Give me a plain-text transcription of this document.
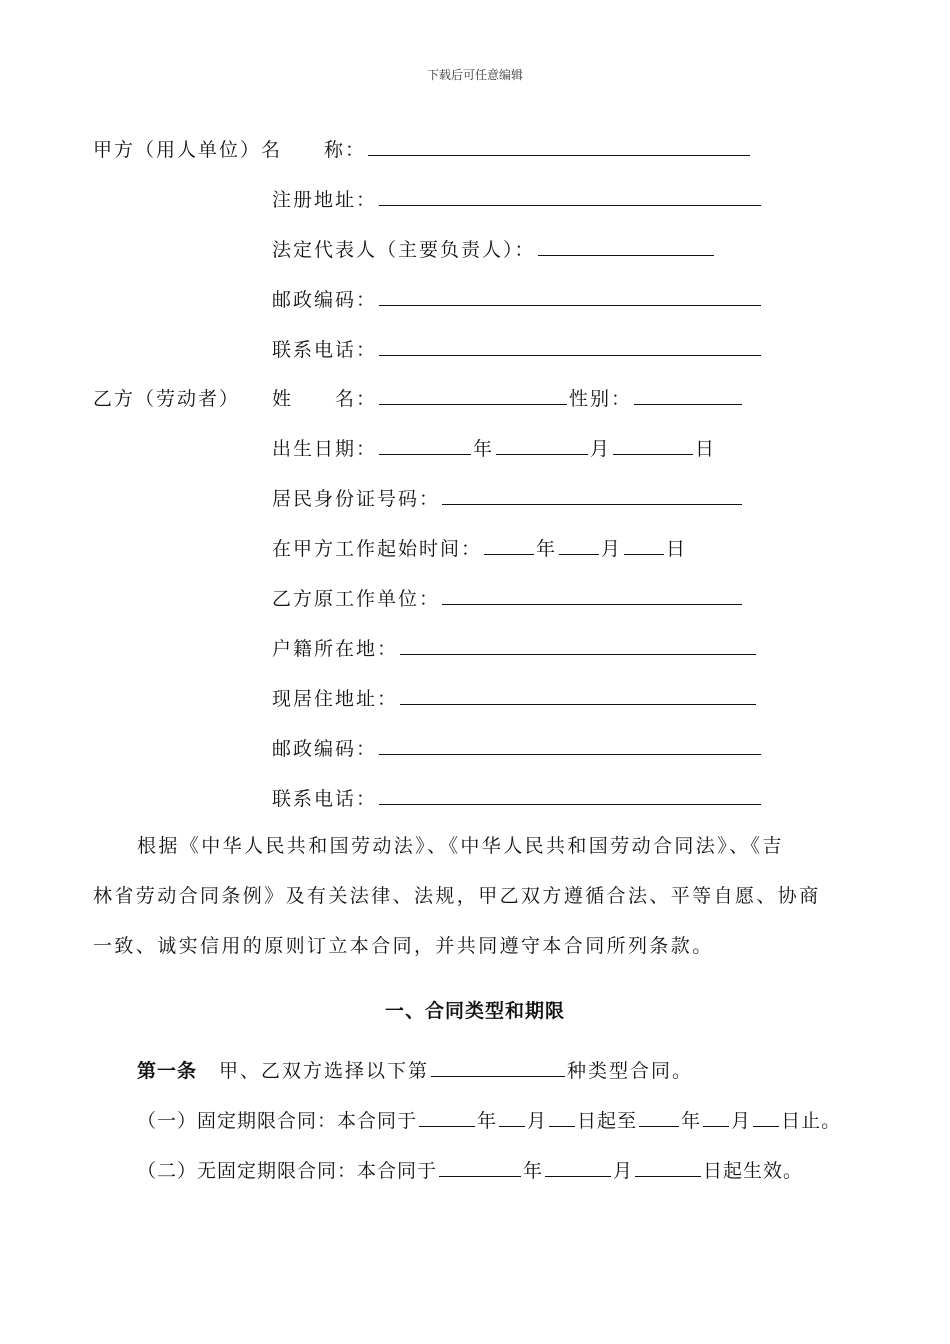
下载后可任意编辑
甲方（用人单位）名　　称：
注册地址：
法定代表人（主要负责人）：
邮政编码：
联系电话：
乙方（劳动者） 姓　　名：	性别：
出生日期：	年	月	日
居民身份证号码：
在甲方工作起始时间：	年 月 日
乙方原工作单位：
户籍所在地：
现居住地址：
邮政编码：
联系电话：
根据《中华人民共和国劳动法》、《中华人民共和国劳动合同法》、《吉
林省劳动合同条例》及有关法律、法规，甲乙双方遵循合法、平等自愿、协商
一致、诚实信用的原则订立本合同，并共同遵守本合同所列条款。
一、合同类型和期限
第一条 甲、乙双方选择以下第	种类型合同。
（一）固定期限合同：本合同于	年 月 日起至 年 月 日止。
（二）无固定期限合同：本合同于	年	月	日起生效。
